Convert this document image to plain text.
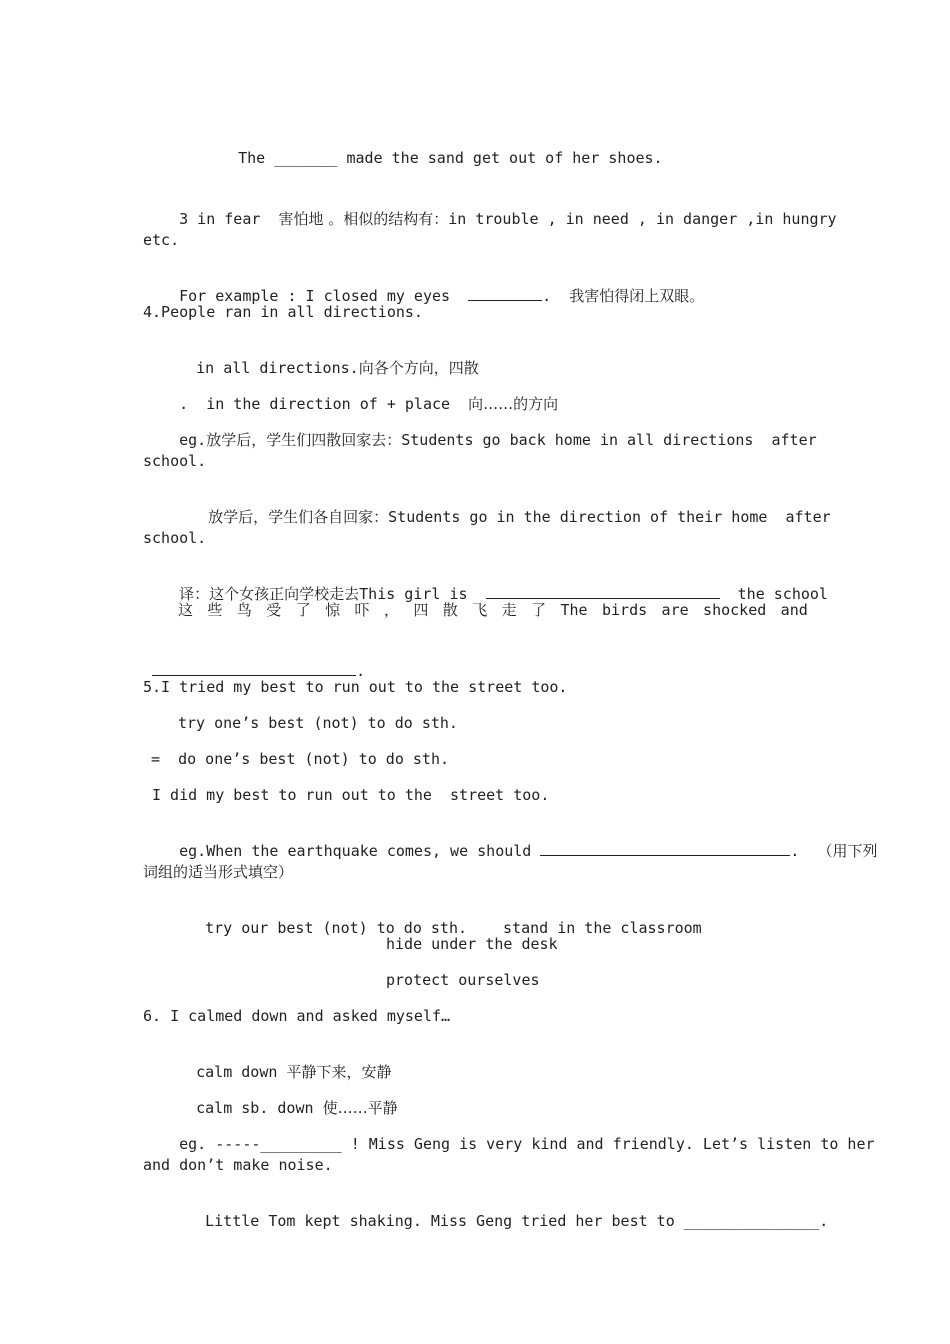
The _______ made the sand get out of her shoes.

3 in fear  害怕地 。相似的结构有：in trouble , in need , in danger ,in hungry

etc.

For example : I closed my eyes	.  我害怕得闭上双眼。

4.People ran in all directions.

in all directions.向各个方向，四散

.  in the direction of + place  向……的方向

eg.放学后，学生们四散回家去：Students go back home in all directions  after

school.

放学后，学生们各自回家：Students go in the direction of their home  after

school.

译：这个女孩正向学校走去This girl is	the school

这 些 鸟 受 了 惊 吓 ， 四 散 飞 走 了 The birds are shocked and

.

5.I tried my best to run out to the street too.
try one’s best (not) to do sth.
=  do one’s best (not) to do sth.
I did my best to run out to the  street too.

eg.When the earthquake comes, we should	.  （用下列

词组的适当形式填空）

try our best (not) to do sth. stand in the classroom

hide under the desk
protect ourselves
6. I calmed down and asked myself…

calm down 平静下来，安静

calm sb. down 使……平静

eg. -----_________ ! Miss Geng is very kind and friendly. Let’s listen to her

and don’t make noise.

Little Tom kept shaking. Miss Geng tried her best to _______________.
